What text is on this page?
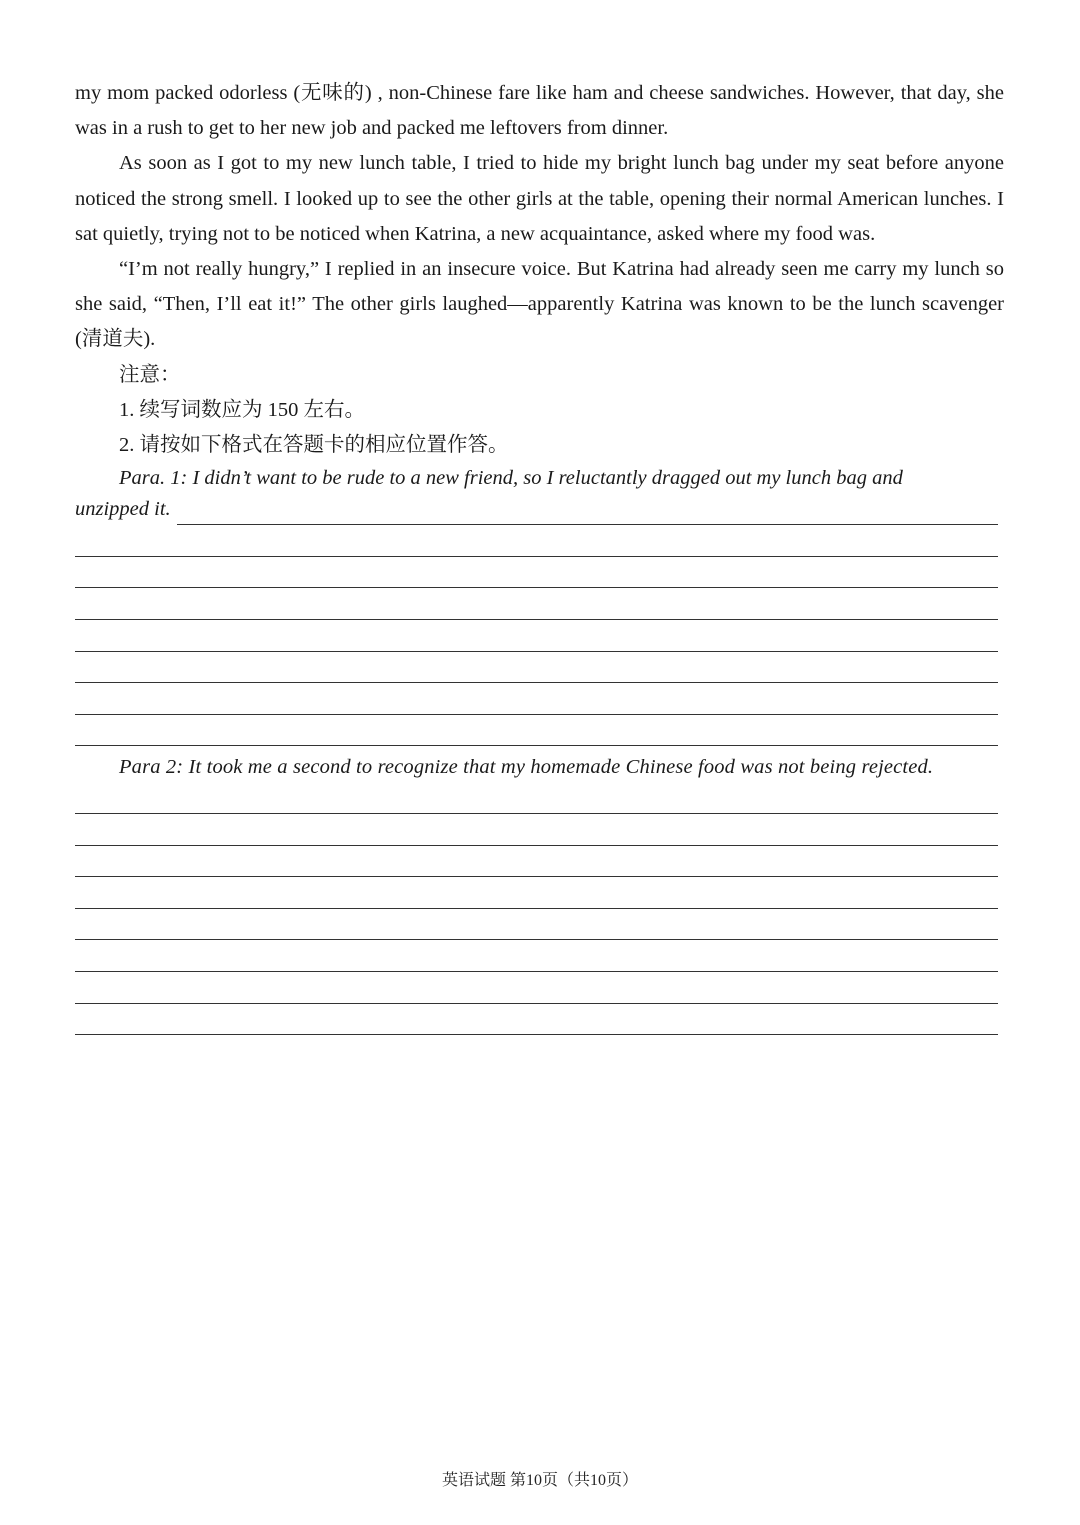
my mom packed odorless (无味的) , non-Chinese fare like ham and cheese sandwiches. However, that day, she was in a rush to get to her new job and packed me leftovers from dinner.

As soon as I got to my new lunch table, I tried to hide my bright lunch bag under my seat before anyone noticed the strong smell. I looked up to see the other girls at the table, opening their normal American lunches. I sat quietly, trying not to be noticed when Katrina, a new acquaintance, asked where my food was.

“I’m not really hungry,” I replied in an insecure voice. But Katrina had already seen me carry my lunch so she said, “Then, I’ll eat it!” The other girls laughed—apparently Katrina was known to be the lunch scavenger (清道夫).

注意：

1. 续写词数应为 150 左右。

2. 请按如下格式在答题卡的相应位置作答。

Para. 1: I didn’t want to be rude to a new friend, so I reluctantly dragged out my lunch bag and

unzipped it.

Para 2: It took me a second to recognize that my homemade Chinese food was not being rejected.

英语试题 第10页（共10页）
